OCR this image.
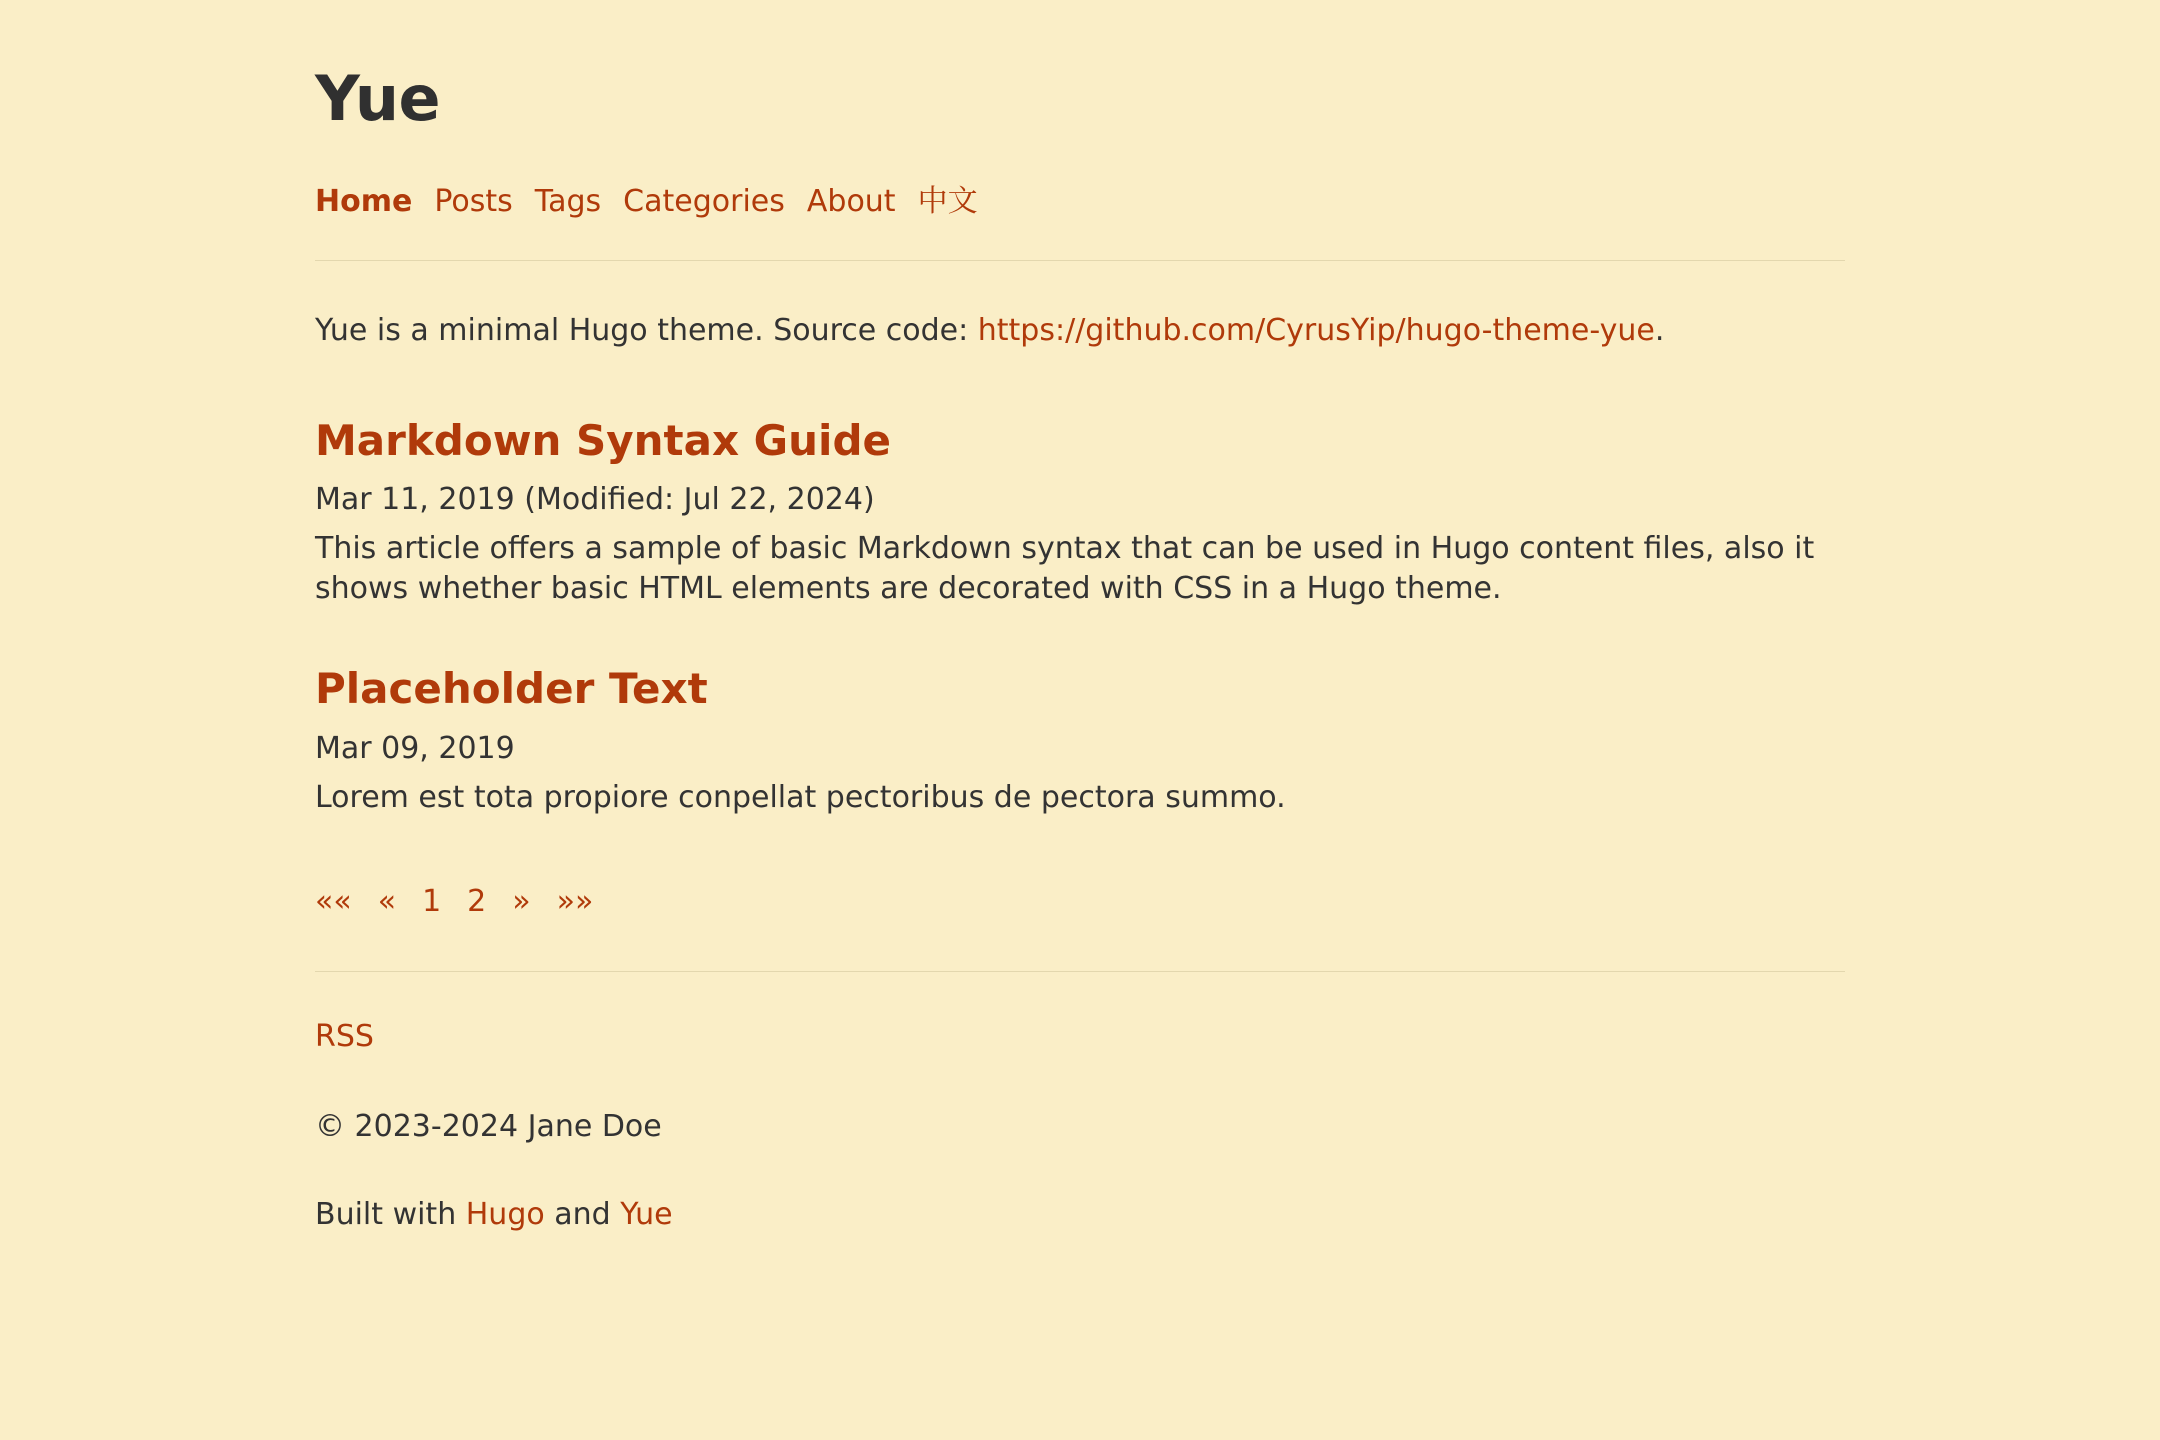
Yue
Home Posts Tags Categories About 中文

Yue is a minimal Hugo theme. Source code: https://github.com/CyrusYip/hugo-theme-yue.

Markdown Syntax Guide
Mar 11, 2019 (Modified: Jul 22, 2024)
This article offers a sample of basic Markdown syntax that can be used in Hugo content files, also it shows whether basic HTML elements are decorated with CSS in a Hugo theme.
Placeholder Text
Mar 09, 2019
Lorem est tota propiore conpellat pectoribus de pectora summo.
«« « 1 2 » »»
RSS
© 2023-2024 Jane Doe
Built with Hugo and Yue
